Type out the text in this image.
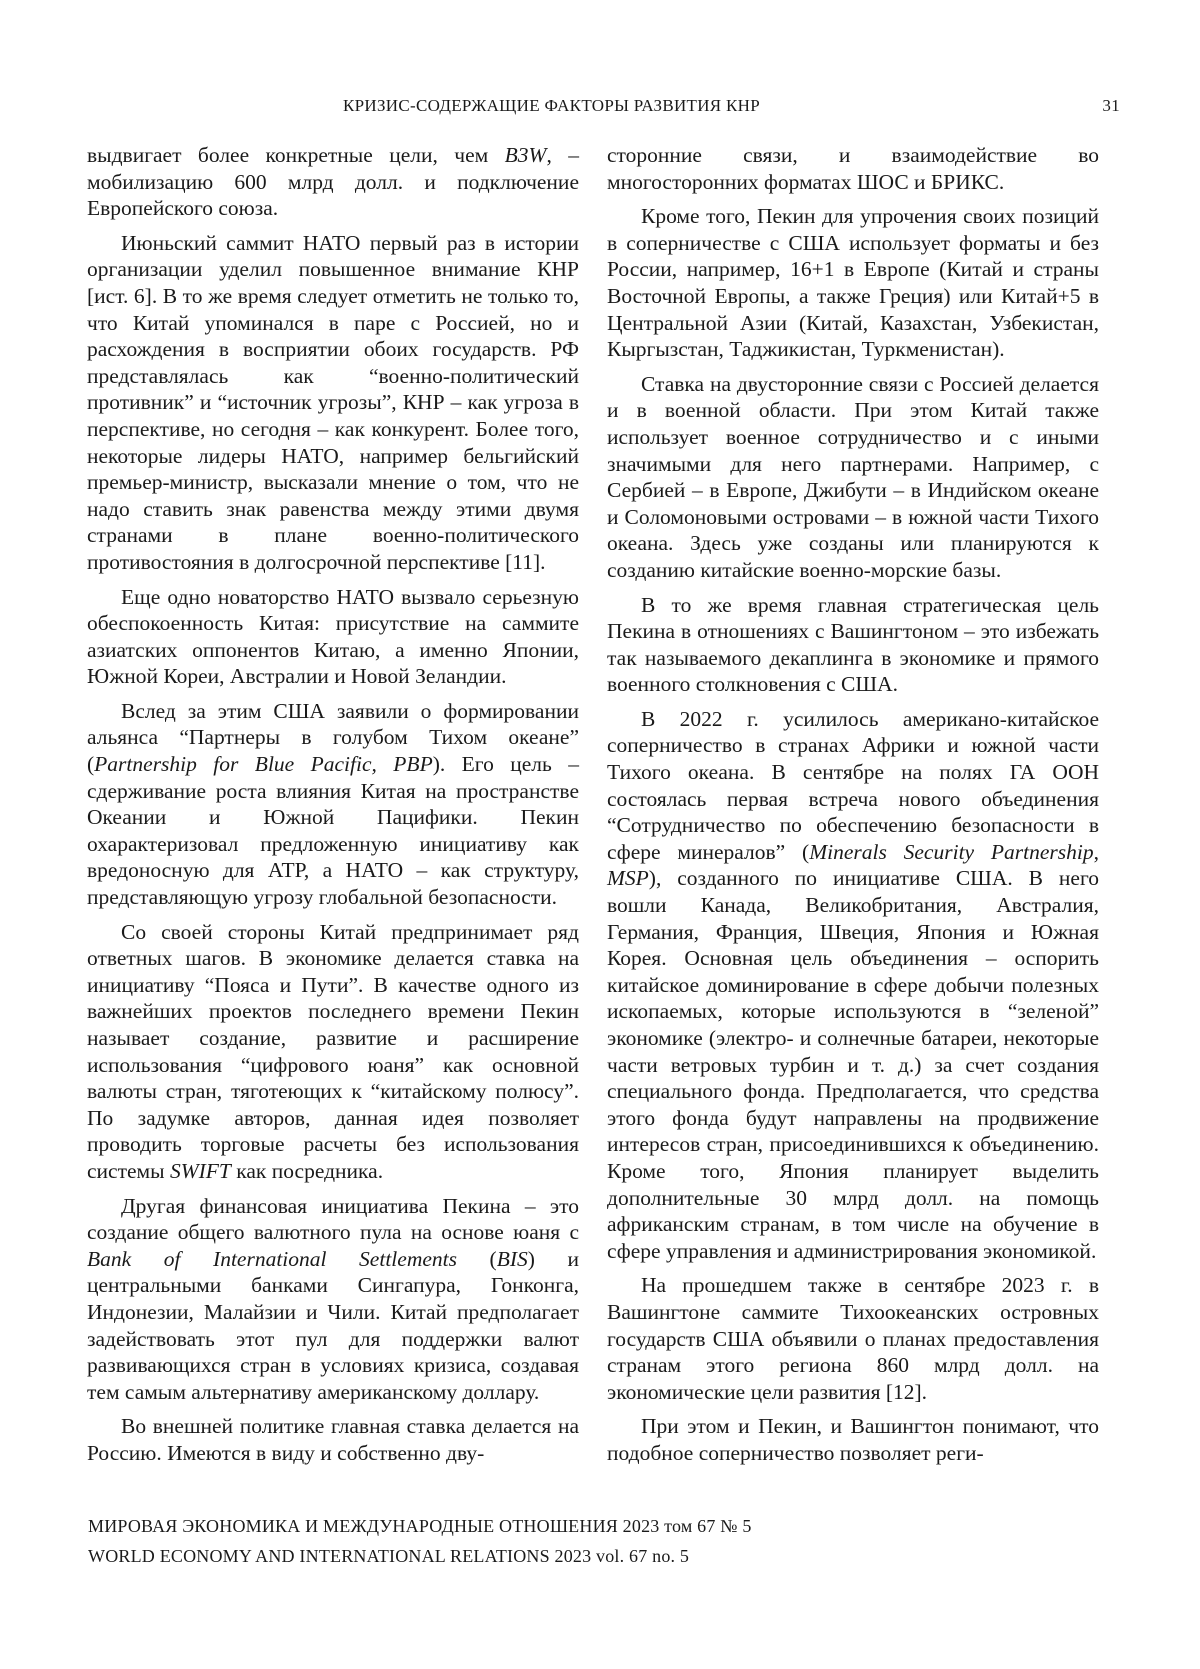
КРИЗИС-СОДЕРЖАЩИЕ ФАКТОРЫ РАЗВИТИЯ КНР	31

выдвигает более конкретные цели, чем B3W, – мобилизацию 600 млрд долл. и подключение Европейского союза.

Июньский саммит НАТО первый раз в истории организации уделил повышенное внимание КНР [ист. 6]. В то же время следует отметить не только то, что Китай упоминался в паре с Россией, но и расхождения в восприятии обоих государств. РФ представлялась как “военно-политический противник” и “источник угрозы”, КНР – как угроза в перспективе, но сегодня – как конкурент. Более того, некоторые лидеры НАТО, например бельгийский премьер-министр, высказали мнение о том, что не надо ставить знак равенства между этими двумя странами в плане военно-политического противостояния в долгосрочной перспективе [11].

Еще одно новаторство НАТО вызвало серьезную обеспокоенность Китая: присутствие на саммите азиатских оппонентов Китаю, а именно Японии, Южной Кореи, Австралии и Новой Зеландии.

Вслед за этим США заявили о формировании альянса “Партнеры в голубом Тихом океане” (Partnership for Blue Pacific, PBP). Его цель – сдерживание роста влияния Китая на пространстве Океании и Южной Пацифики. Пекин охарактеризовал предложенную инициативу как вредоносную для АТР, а НАТО – как структуру, представляющую угрозу глобальной безопасности.

Со своей стороны Китай предпринимает ряд ответных шагов. В экономике делается ставка на инициативу “Пояса и Пути”. В качестве одного из важнейших проектов последнего времени Пекин называет создание, развитие и расширение использования “цифрового юаня” как основной валюты стран, тяготеющих к “китайскому полюсу”. По задумке авторов, данная идея позволяет проводить торговые расчеты без использования системы SWIFT как посредника.

Другая финансовая инициатива Пекина – это создание общего валютного пула на основе юаня с Bank of International Settlements (BIS) и центральными банками Сингапура, Гонконга, Индонезии, Малайзии и Чили. Китай предполагает задействовать этот пул для поддержки валют развивающихся стран в условиях кризиса, создавая тем самым альтернативу американскому доллару.

Во внешней политике главная ставка делается на Россию. Имеются в виду и собственно дву-

сторонние связи, и взаимодействие во многосторонних форматах ШОС и БРИКС.

Кроме того, Пекин для упрочения своих позиций в соперничестве с США использует форматы и без России, например, 16+1 в Европе (Китай и страны Восточной Европы, а также Греция) или Китай+5 в Центральной Азии (Китай, Казахстан, Узбекистан, Кыргызстан, Таджикистан, Туркменистан).

Ставка на двусторонние связи с Россией делается и в военной области. При этом Китай также использует военное сотрудничество и с иными значимыми для него партнерами. Например, с Сербией – в Европе, Джибути – в Индийском океане и Соломоновыми островами – в южной части Тихого океана. Здесь уже созданы или планируются к созданию китайские военно-морские базы.

В то же время главная стратегическая цель Пекина в отношениях с Вашингтоном – это избежать так называемого декаплинга в экономике и прямого военного столкновения с США.

В 2022 г. усилилось американо-китайское соперничество в странах Африки и южной части Тихого океана. В сентябре на полях ГА ООН состоялась первая встреча нового объединения “Сотрудничество по обеспечению безопасности в сфере минералов” (Minerals Security Partnership, MSP), созданного по инициативе США. В него вошли Канада, Великобритания, Австралия, Германия, Франция, Швеция, Япония и Южная Корея. Основная цель объединения – оспорить китайское доминирование в сфере добычи полезных ископаемых, которые используются в “зеленой” экономике (электро- и солнечные батареи, некоторые части ветровых турбин и т. д.) за счет создания специального фонда. Предполагается, что средства этого фонда будут направлены на продвижение интересов стран, присоединившихся к объединению. Кроме того, Япония планирует выделить дополнительные 30 млрд долл. на помощь африканским странам, в том числе на обучение в сфере управления и администрирования экономикой.

На прошедшем также в сентябре 2023 г. в Вашингтоне саммите Тихоокеанских островных государств США объявили о планах предоставления странам этого региона 860 млрд долл. на экономические цели развития [12].

При этом и Пекин, и Вашингтон понимают, что подобное соперничество позволяет реги-

МИРОВАЯ ЭКОНОМИКА И МЕЖДУНАРОДНЫЕ ОТНОШЕНИЯ 2023 том 67 № 5
WORLD ECONOMY AND INTERNATIONAL RELATIONS 2023 vol. 67 no. 5
